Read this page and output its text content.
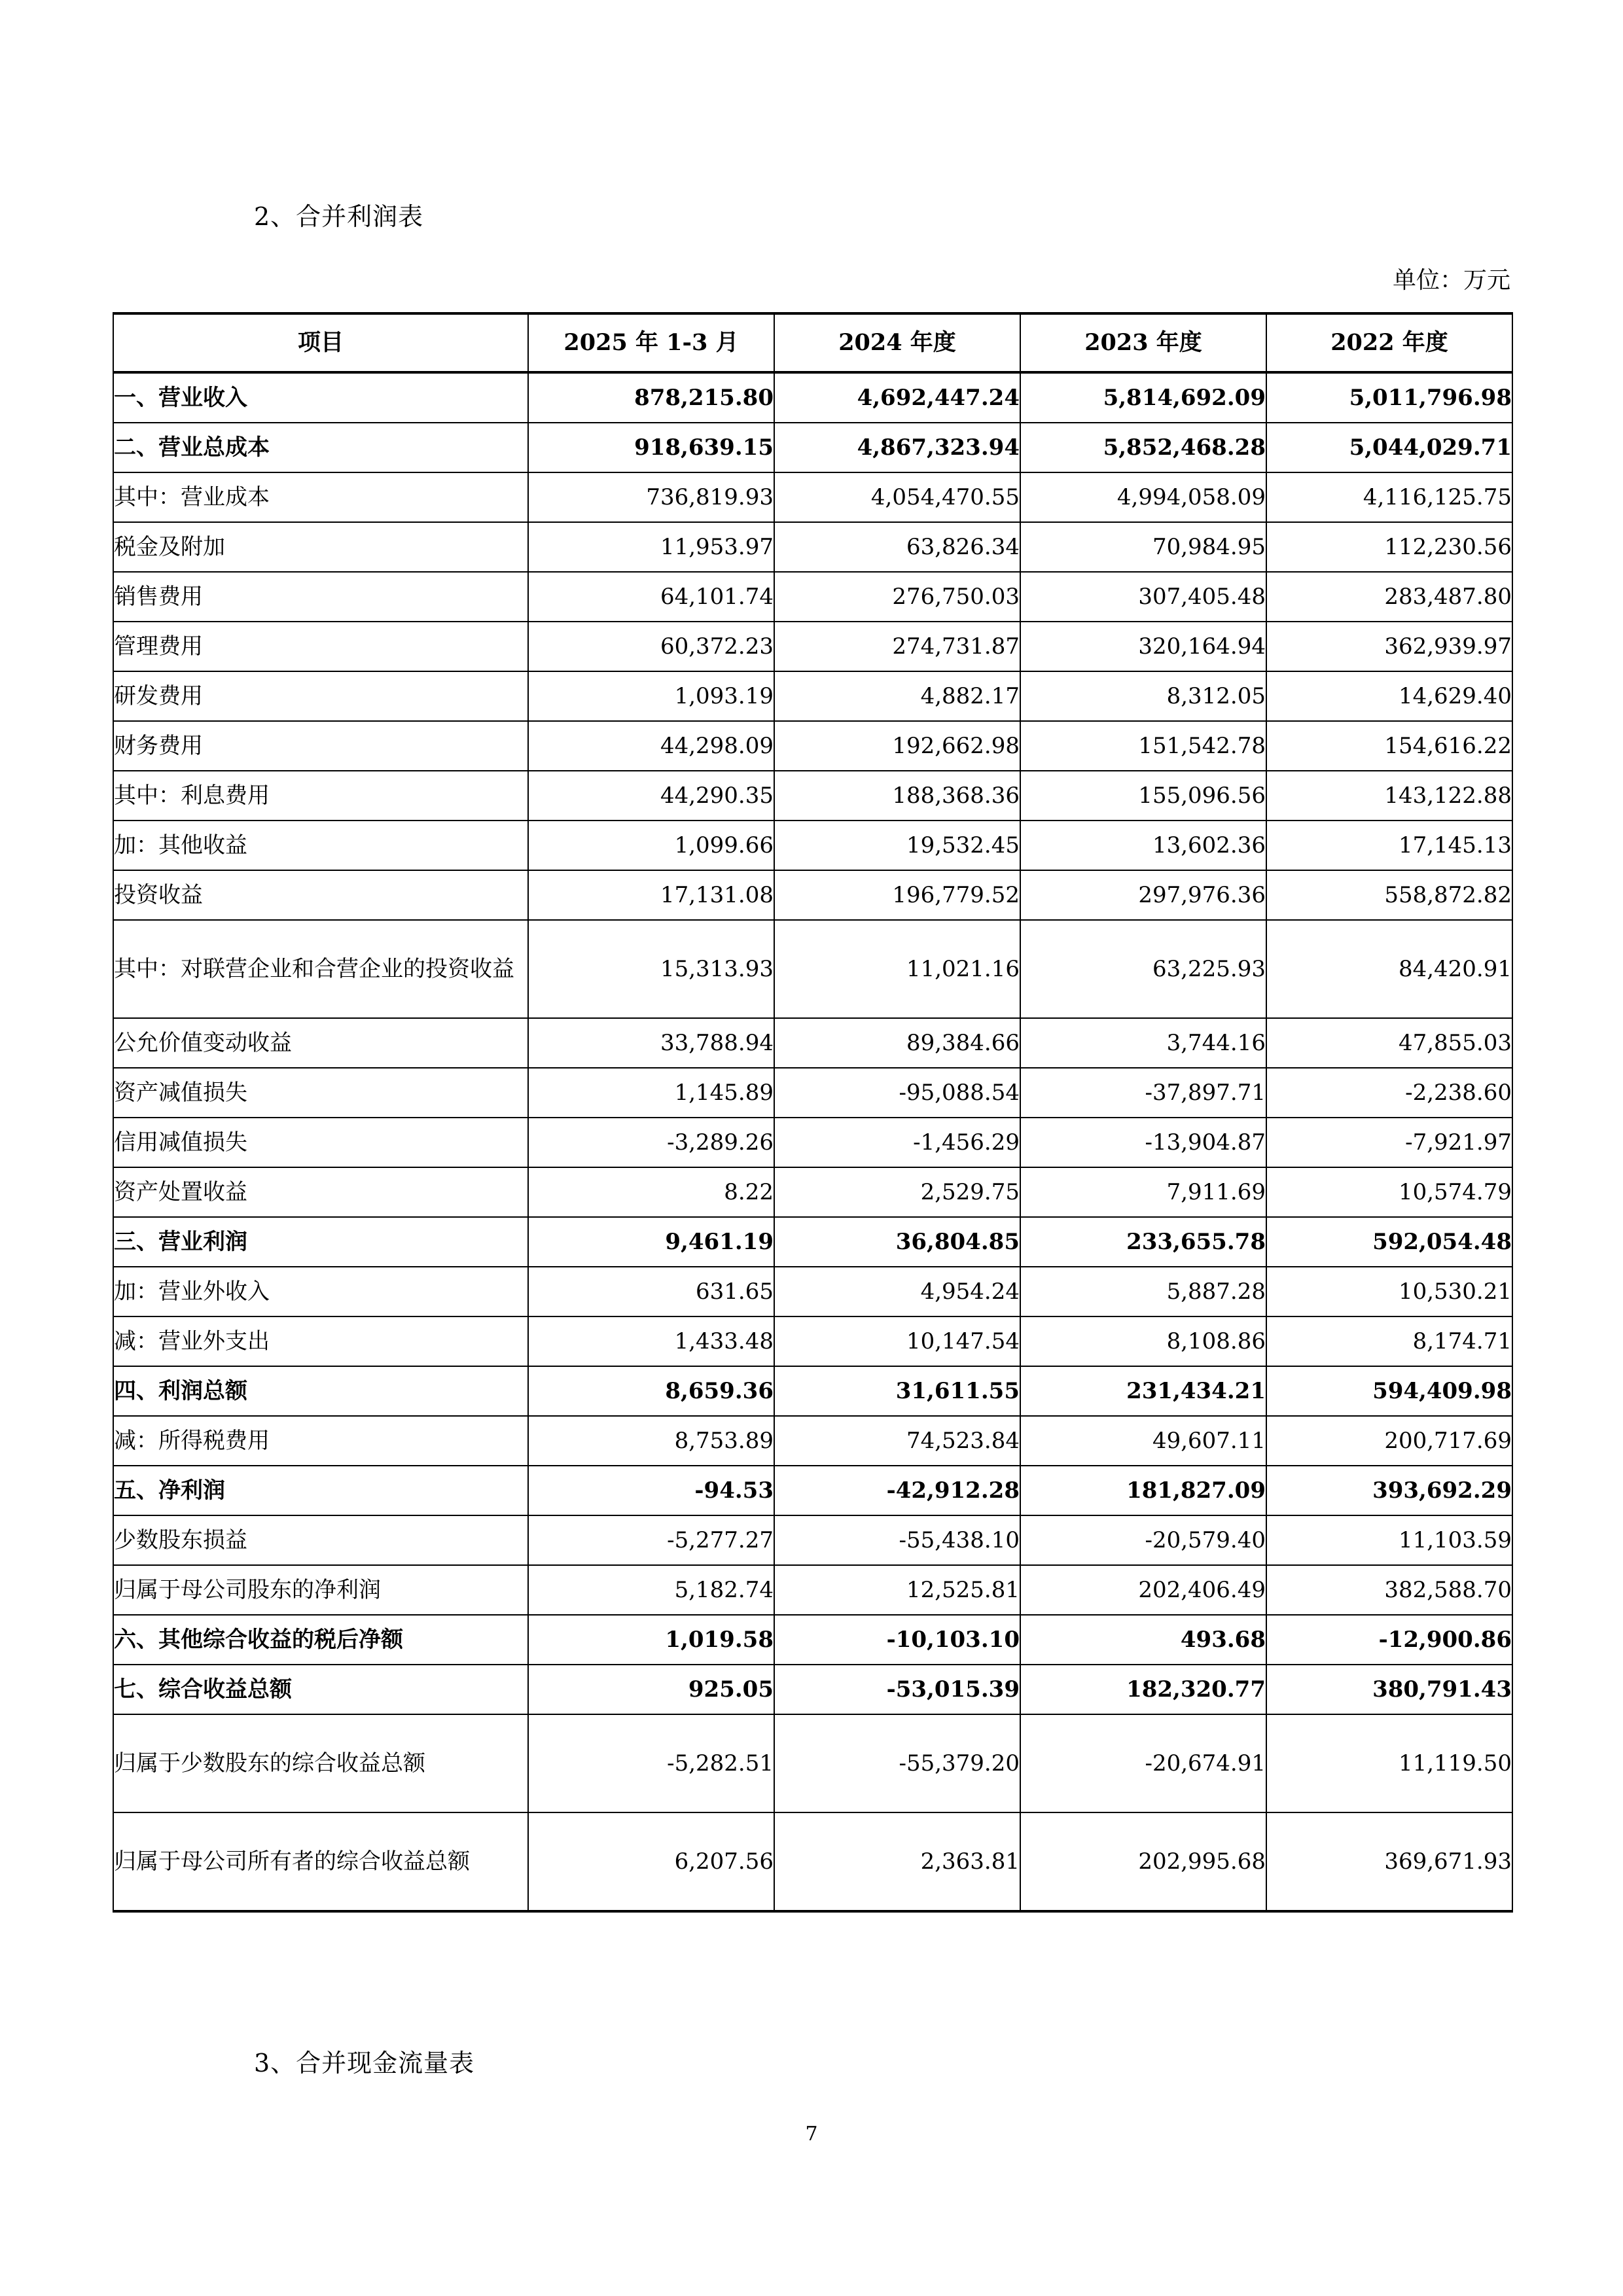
2、合并利润表
单位：万元
项目	2025 年 1-3 月	2024 年度	2023 年度	2022 年度

一、营业收入	878,215.80	4,692,447.24	5,814,692.09	5,011,796.98

二、营业总成本	918,639.15	4,867,323.94	5,852,468.28	5,044,029.71

其中：营业成本	736,819.93	4,054,470.55	4,994,058.09	4,116,125.75

税金及附加	11,953.97	63,826.34	70,984.95	112,230.56

销售费用	64,101.74	276,750.03	307,405.48	283,487.80

管理费用	60,372.23	274,731.87	320,164.94	362,939.97

研发费用	1,093.19	4,882.17	8,312.05	14,629.40

财务费用	44,298.09	192,662.98	151,542.78	154,616.22

其中：利息费用	44,290.35	188,368.36	155,096.56	143,122.88

加：其他收益	1,099.66	19,532.45	13,602.36	17,145.13

投资收益	17,131.08	196,779.52	297,976.36	558,872.82

其中：对联营企业和合营企业的投资收益	15,313.93	11,021.16	63,225.93	84,420.91

公允价值变动收益	33,788.94	89,384.66	3,744.16	47,855.03

资产减值损失	1,145.89	-95,088.54	-37,897.71	-2,238.60

信用减值损失	-3,289.26	-1,456.29	-13,904.87	-7,921.97

资产处置收益	8.22	2,529.75	7,911.69	10,574.79

三、营业利润	9,461.19	36,804.85	233,655.78	592,054.48

加：营业外收入	631.65	4,954.24	5,887.28	10,530.21

减：营业外支出	1,433.48	10,147.54	8,108.86	8,174.71

四、利润总额	8,659.36	31,611.55	231,434.21	594,409.98

减：所得税费用	8,753.89	74,523.84	49,607.11	200,717.69

五、净利润	-94.53	-42,912.28	181,827.09	393,692.29

少数股东损益	-5,277.27	-55,438.10	-20,579.40	11,103.59

归属于母公司股东的净利润	5,182.74	12,525.81	202,406.49	382,588.70

六、其他综合收益的税后净额	1,019.58	-10,103.10	493.68	-12,900.86

七、综合收益总额	925.05	-53,015.39	182,320.77	380,791.43

归属于少数股东的综合收益总额	-5,282.51	-55,379.20	-20,674.91	11,119.50

归属于母公司所有者的综合收益总额	6,207.56	2,363.81	202,995.68	369,671.93
3、合并现金流量表
7
